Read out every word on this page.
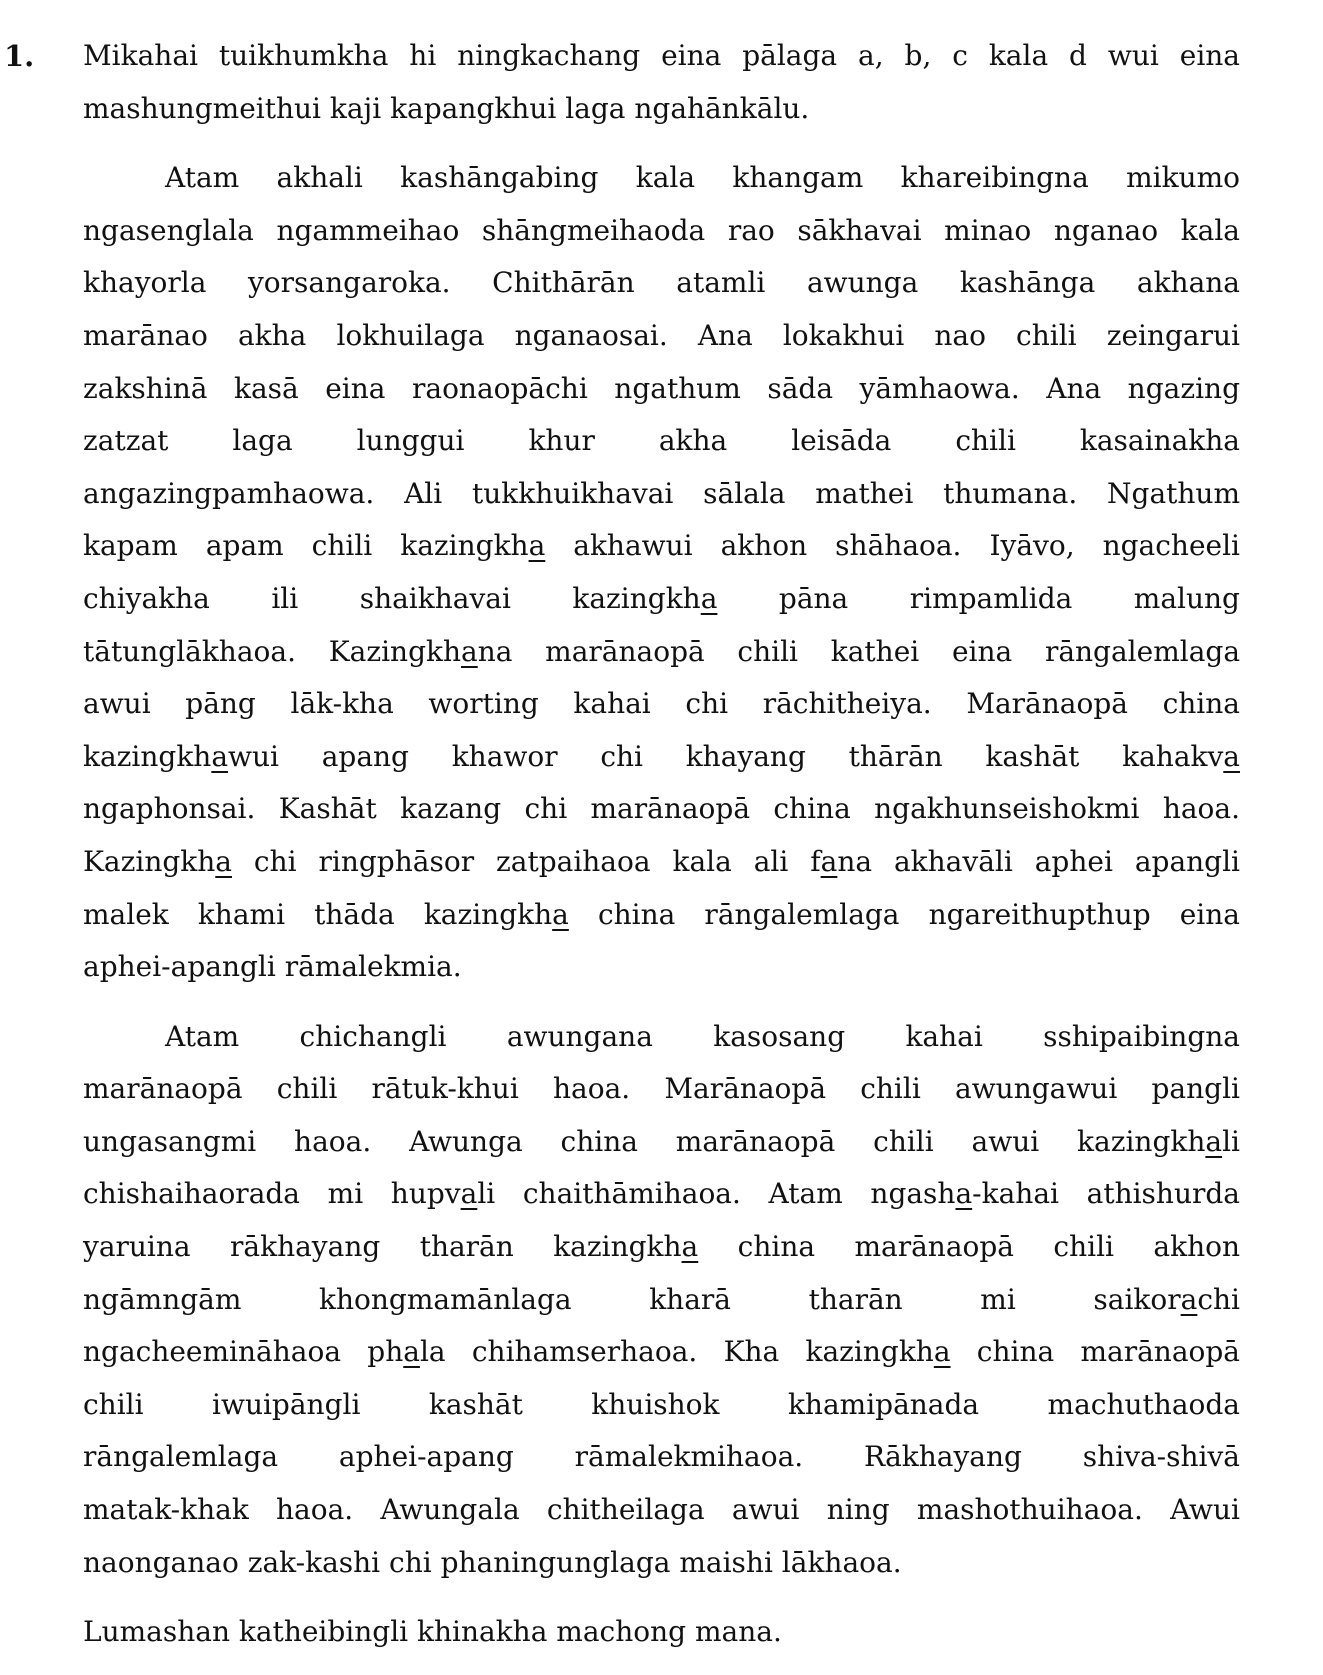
1. Mikahai tuikhumkha hi ningkachang eina pālaga a, b, c kala d wui eina
mashungmeithui kaji kapangkhui laga ngahānkālu.
Atam akhali kashāngabing kala khangam khareibingna mikumo
ngasenglala ngammeihao shāngmeihaoda rao sākhavai minao nganao kala
khayorla yorsangaroka. Chithārān atamli awunga kashānga akhana
marānao akha lokhuilaga nganaosai. Ana lokakhui nao chili zeingarui
zakshinā kasā eina raonaopāchi ngathum sāda yāmhaowa. Ana ngazing
zatzat laga lunggui khur akha leisāda chili kasainakha
angazingpamhaowa. Ali tukkhuikhavai sālala mathei thumana. Ngathum
kapam apam chili kazingkha akhawui akhon shāhaoa. Iyāvo, ngacheeli
chiyakha ili shaikhavai kazingkha pāna rimpamlida malung
tātunglākhaoa. Kazingkhana marānaopā chili kathei eina rāngalemlaga
awui pāng lāk-kha worting kahai chi rāchitheiya. Marānaopā china
kazingkhawui apang khawor chi khayang thārān kashāt kahakva
ngaphonsai. Kashāt kazang chi marānaopā china ngakhunseishokmi haoa.
Kazingkha chi ringphāsor zatpaihaoa kala ali fana akhavāli aphei apangli
malek khami thāda kazingkha china rāngalemlaga ngareithupthup eina
aphei-apangli rāmalekmia.
Atam chichangli awungana kasosang kahai sshipaibingna
marānaopā chili rātuk-khui haoa. Marānaopā chili awungawui pangli
ungasangmi haoa. Awunga china marānaopā chili awui kazingkhali
chishaihaorada mi hupvali chaithāmihaoa. Atam ngasha-kahai athishurda
yaruina rākhayang tharān kazingkha china marānaopā chili akhon
ngāmngām khongmamānlaga kharā tharān mi saikorachi
ngacheemināhaoa phala chihamserhaoa. Kha kazingkha china marānaopā
chili iwuipāngli kashāt khuishok khamipānada machuthaoda
rāngalemlaga aphei-apang rāmalekmihaoa. Rākhayang shiva-shivā
matak-khak haoa. Awungala chitheilaga awui ning mashothuihaoa. Awui
naonganao zak-kashi chi phaningunglaga maishi lākhaoa.
Lumashan katheibingli khinakha machong mana.
